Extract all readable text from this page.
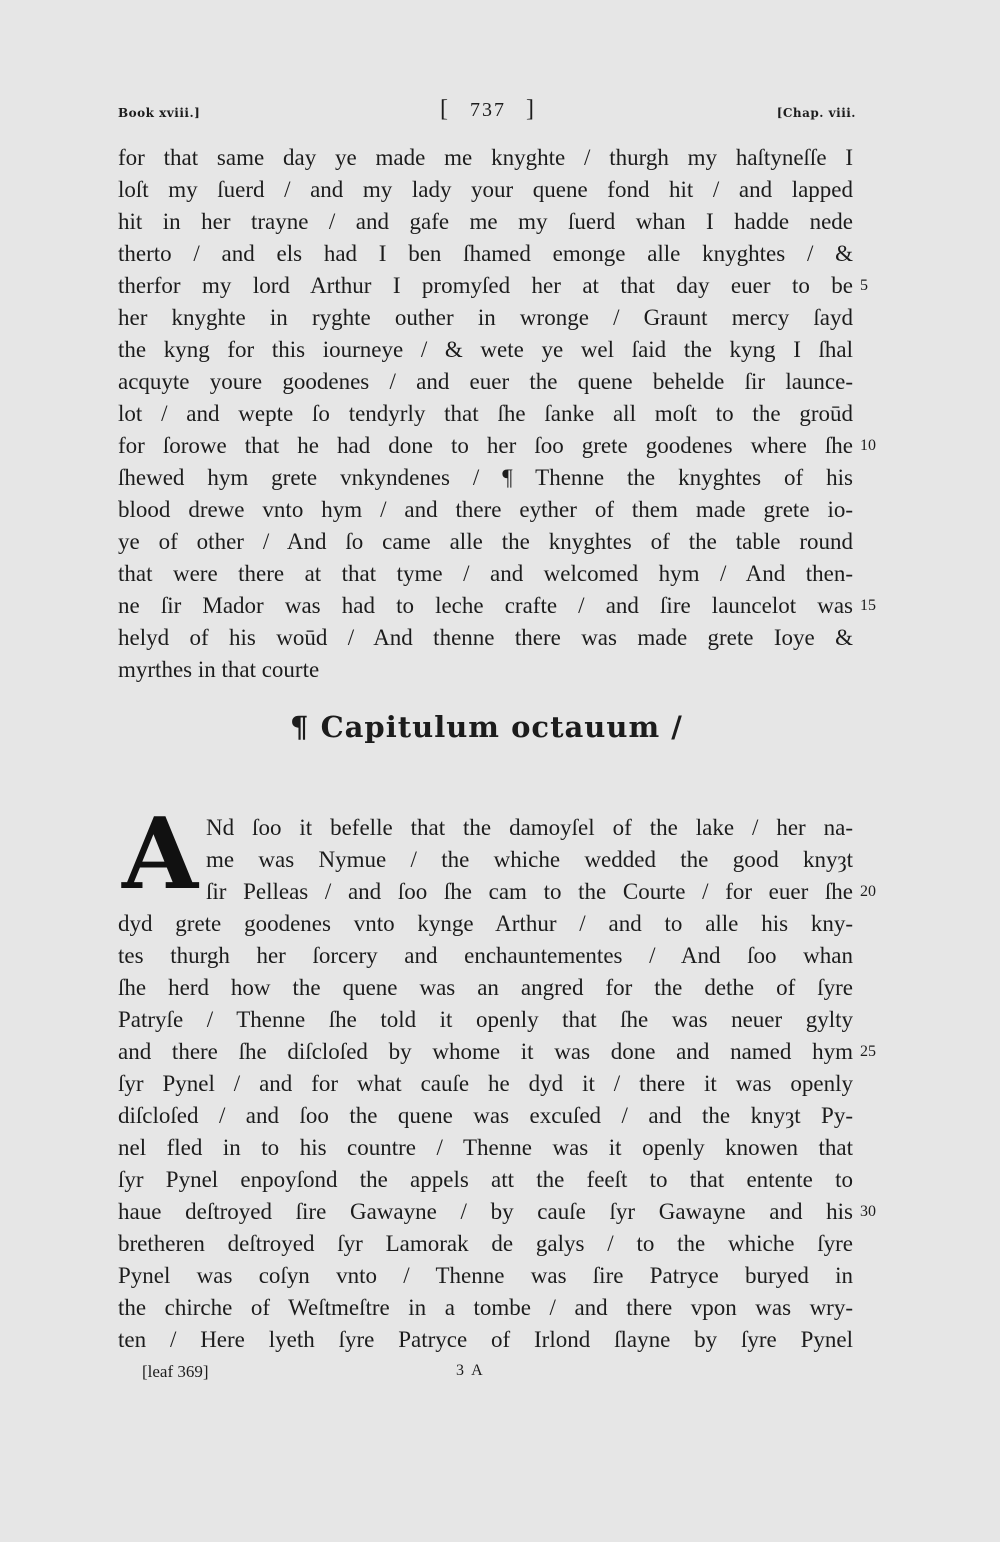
Book xviii.]	[ 737 ]	[Chap. viii.
for that same day ye made me knyghte / thurgh my haſtyneſſe I
loſt my ſuerd / and my lady your quene fond hit / and lapped
hit in her trayne / and gafe me my ſuerd whan I hadde nede
therto / and els had I ben ſhamed emonge alle knyghtes / &
therfor my lord Arthur I promyſed her at that day euer to be 5
her knyghte in ryghte outher in wronge / Graunt mercy ſayd
the kyng for this iourneye / & wete ye wel ſaid the kyng I ſhal
acquyte youre goodenes / and euer the quene behelde ſir launce-
lot / and wepte ſo tendyrly that ſhe ſanke all moſt to the groūd
for ſorowe that he had done to her ſoo grete goodenes where ſhe 10
ſhewed hym grete vnkyndenes / ¶ Thenne the knyghtes of his
blood drewe vnto hym / and there eyther of them made grete io-
ye of other / And ſo came alle the knyghtes of the table round
that were there at that tyme / and welcomed hym / And then-
ne ſir Mador was had to leche crafte / and ſire launcelot was 15
helyd of his woūd / And thenne there was made grete Ioye &
myrthes in that courte
¶ Capitulum octauum /
A Nd ſoo it befelle that the damoyſel of the lake / her na-
me was Nymue / the whiche wedded the good knyȝt
ſir Pelleas / and ſoo ſhe cam to the Courte / for euer ſhe 20
dyd grete goodenes vnto kynge Arthur / and to alle his kny-
tes thurgh her ſorcery and enchauntementes / And ſoo whan
ſhe herd how the quene was an angred for the dethe of ſyre
Patryſe / Thenne ſhe told it openly that ſhe was neuer gylty
and there ſhe diſcloſed by whome it was done and named hym 25
ſyr Pynel / and for what cauſe he dyd it / there it was openly
diſcloſed / and ſoo the quene was excuſed / and the knyȝt Py-
nel fled in to his countre / Thenne was it openly knowen that
ſyr Pynel enpoyſond the appels att the feeſt to that entente to
haue deſtroyed ſire Gawayne / by cauſe ſyr Gawayne and his 30
bretheren deſtroyed ſyr Lamorak de galys / to the whiche ſyre
Pynel was coſyn vnto / Thenne was ſire Patryce buryed in
the chirche of Weſtmeſtre in a tombe / and there vpon was wry-
ten / Here lyeth ſyre Patryce of Irlond ſlayne by ſyre Pynel
[leaf 369]	3 A
